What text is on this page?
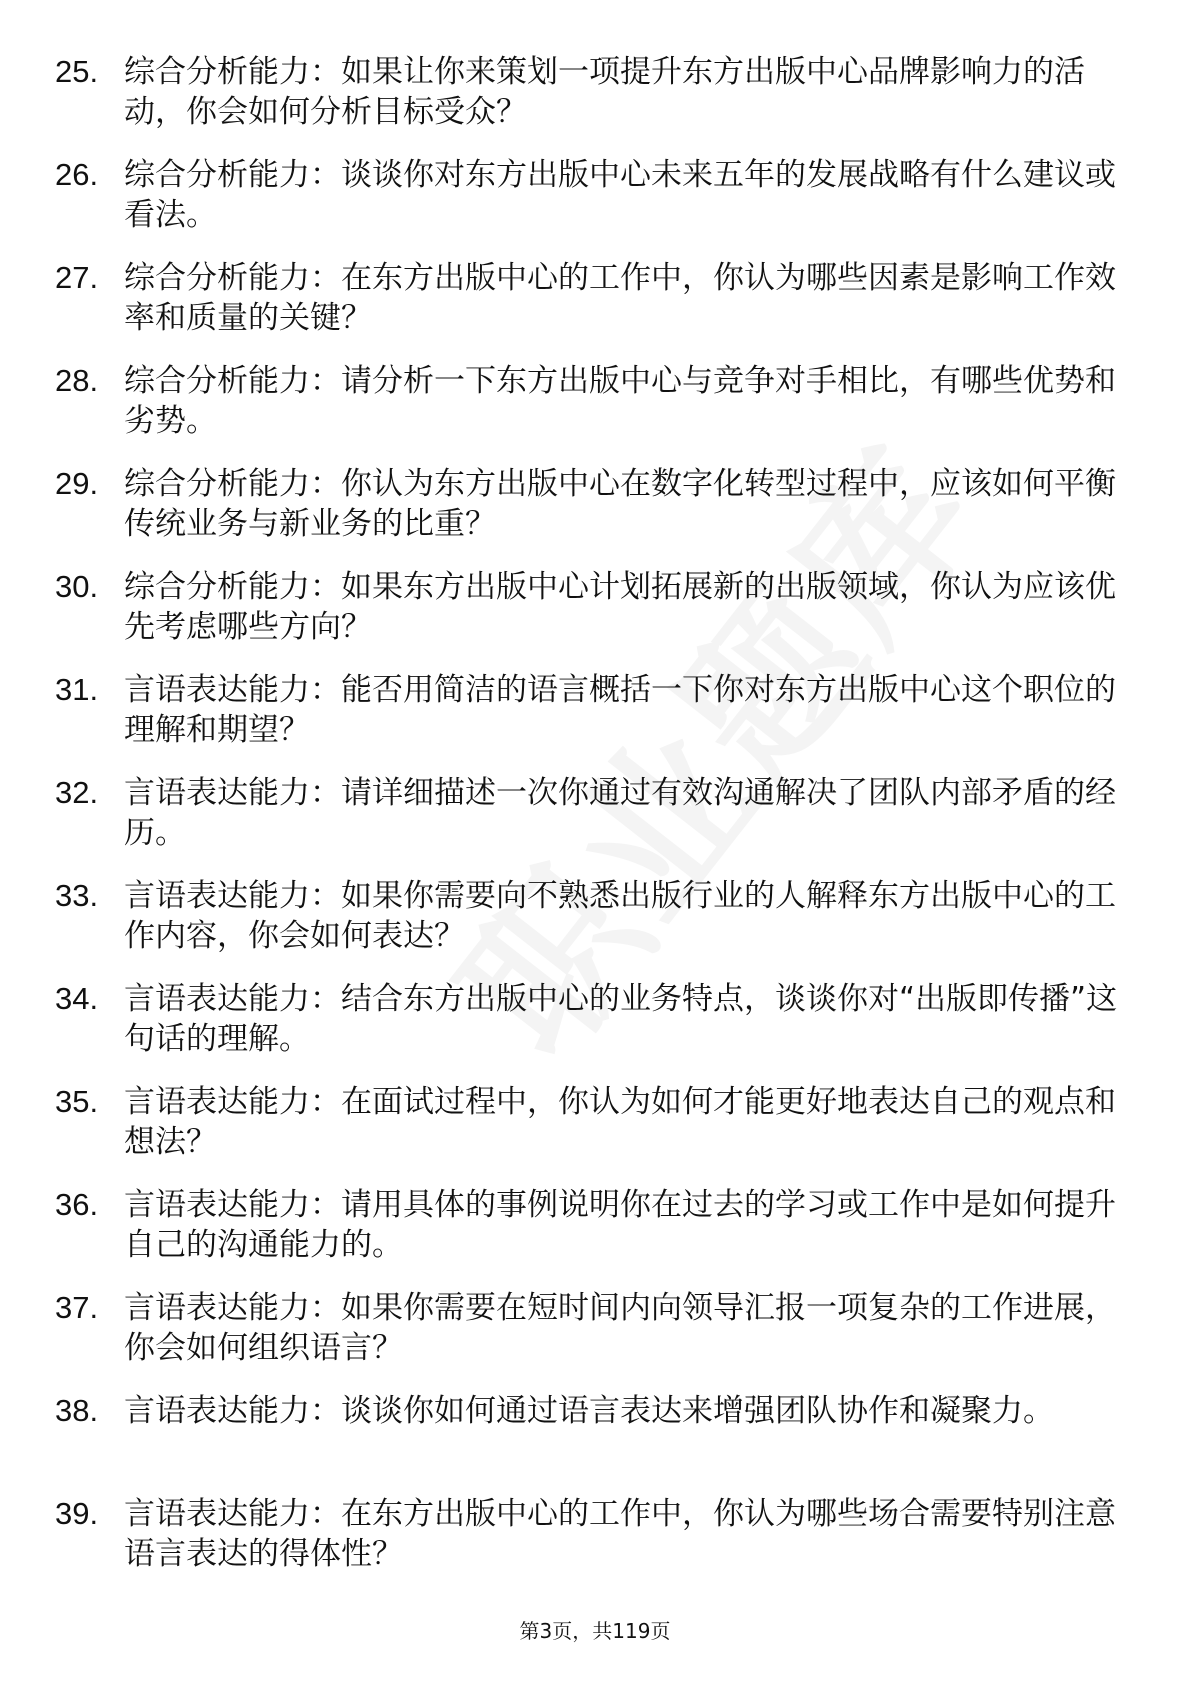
25. 综合分析能力：如果让你来策划一项提升东方出版中心品牌影响力的活动，你会如何分析目标受众？
26. 综合分析能力：谈谈你对东方出版中心未来五年的发展战略有什么建议或看法。
27. 综合分析能力：在东方出版中心的工作中，你认为哪些因素是影响工作效率和质量的关键？
28. 综合分析能力：请分析一下东方出版中心与竞争对手相比，有哪些优势和劣势。
29. 综合分析能力：你认为东方出版中心在数字化转型过程中，应该如何平衡传统业务与新业务的比重？
30. 综合分析能力：如果东方出版中心计划拓展新的出版领域，你认为应该优先考虑哪些方向？
31. 言语表达能力：能否用简洁的语言概括一下你对东方出版中心这个职位的理解和期望？
32. 言语表达能力：请详细描述一次你通过有效沟通解决了团队内部矛盾的经历。
33. 言语表达能力：如果你需要向不熟悉出版行业的人解释东方出版中心的工作内容，你会如何表达？
34. 言语表达能力：结合东方出版中心的业务特点，谈谈你对“出版即传播”这句话的理解。
35. 言语表达能力：在面试过程中，你认为如何才能更好地表达自己的观点和想法？
36. 言语表达能力：请用具体的事例说明你在过去的学习或工作中是如何提升自己的沟通能力的。
37. 言语表达能力：如果你需要在短时间内向领导汇报一项复杂的工作进展，你会如何组织语言？
38. 言语表达能力：谈谈你如何通过语言表达来增强团队协作和凝聚力。
39. 言语表达能力：在东方出版中心的工作中，你认为哪些场合需要特别注意语言表达的得体性？
第3页，共119页
